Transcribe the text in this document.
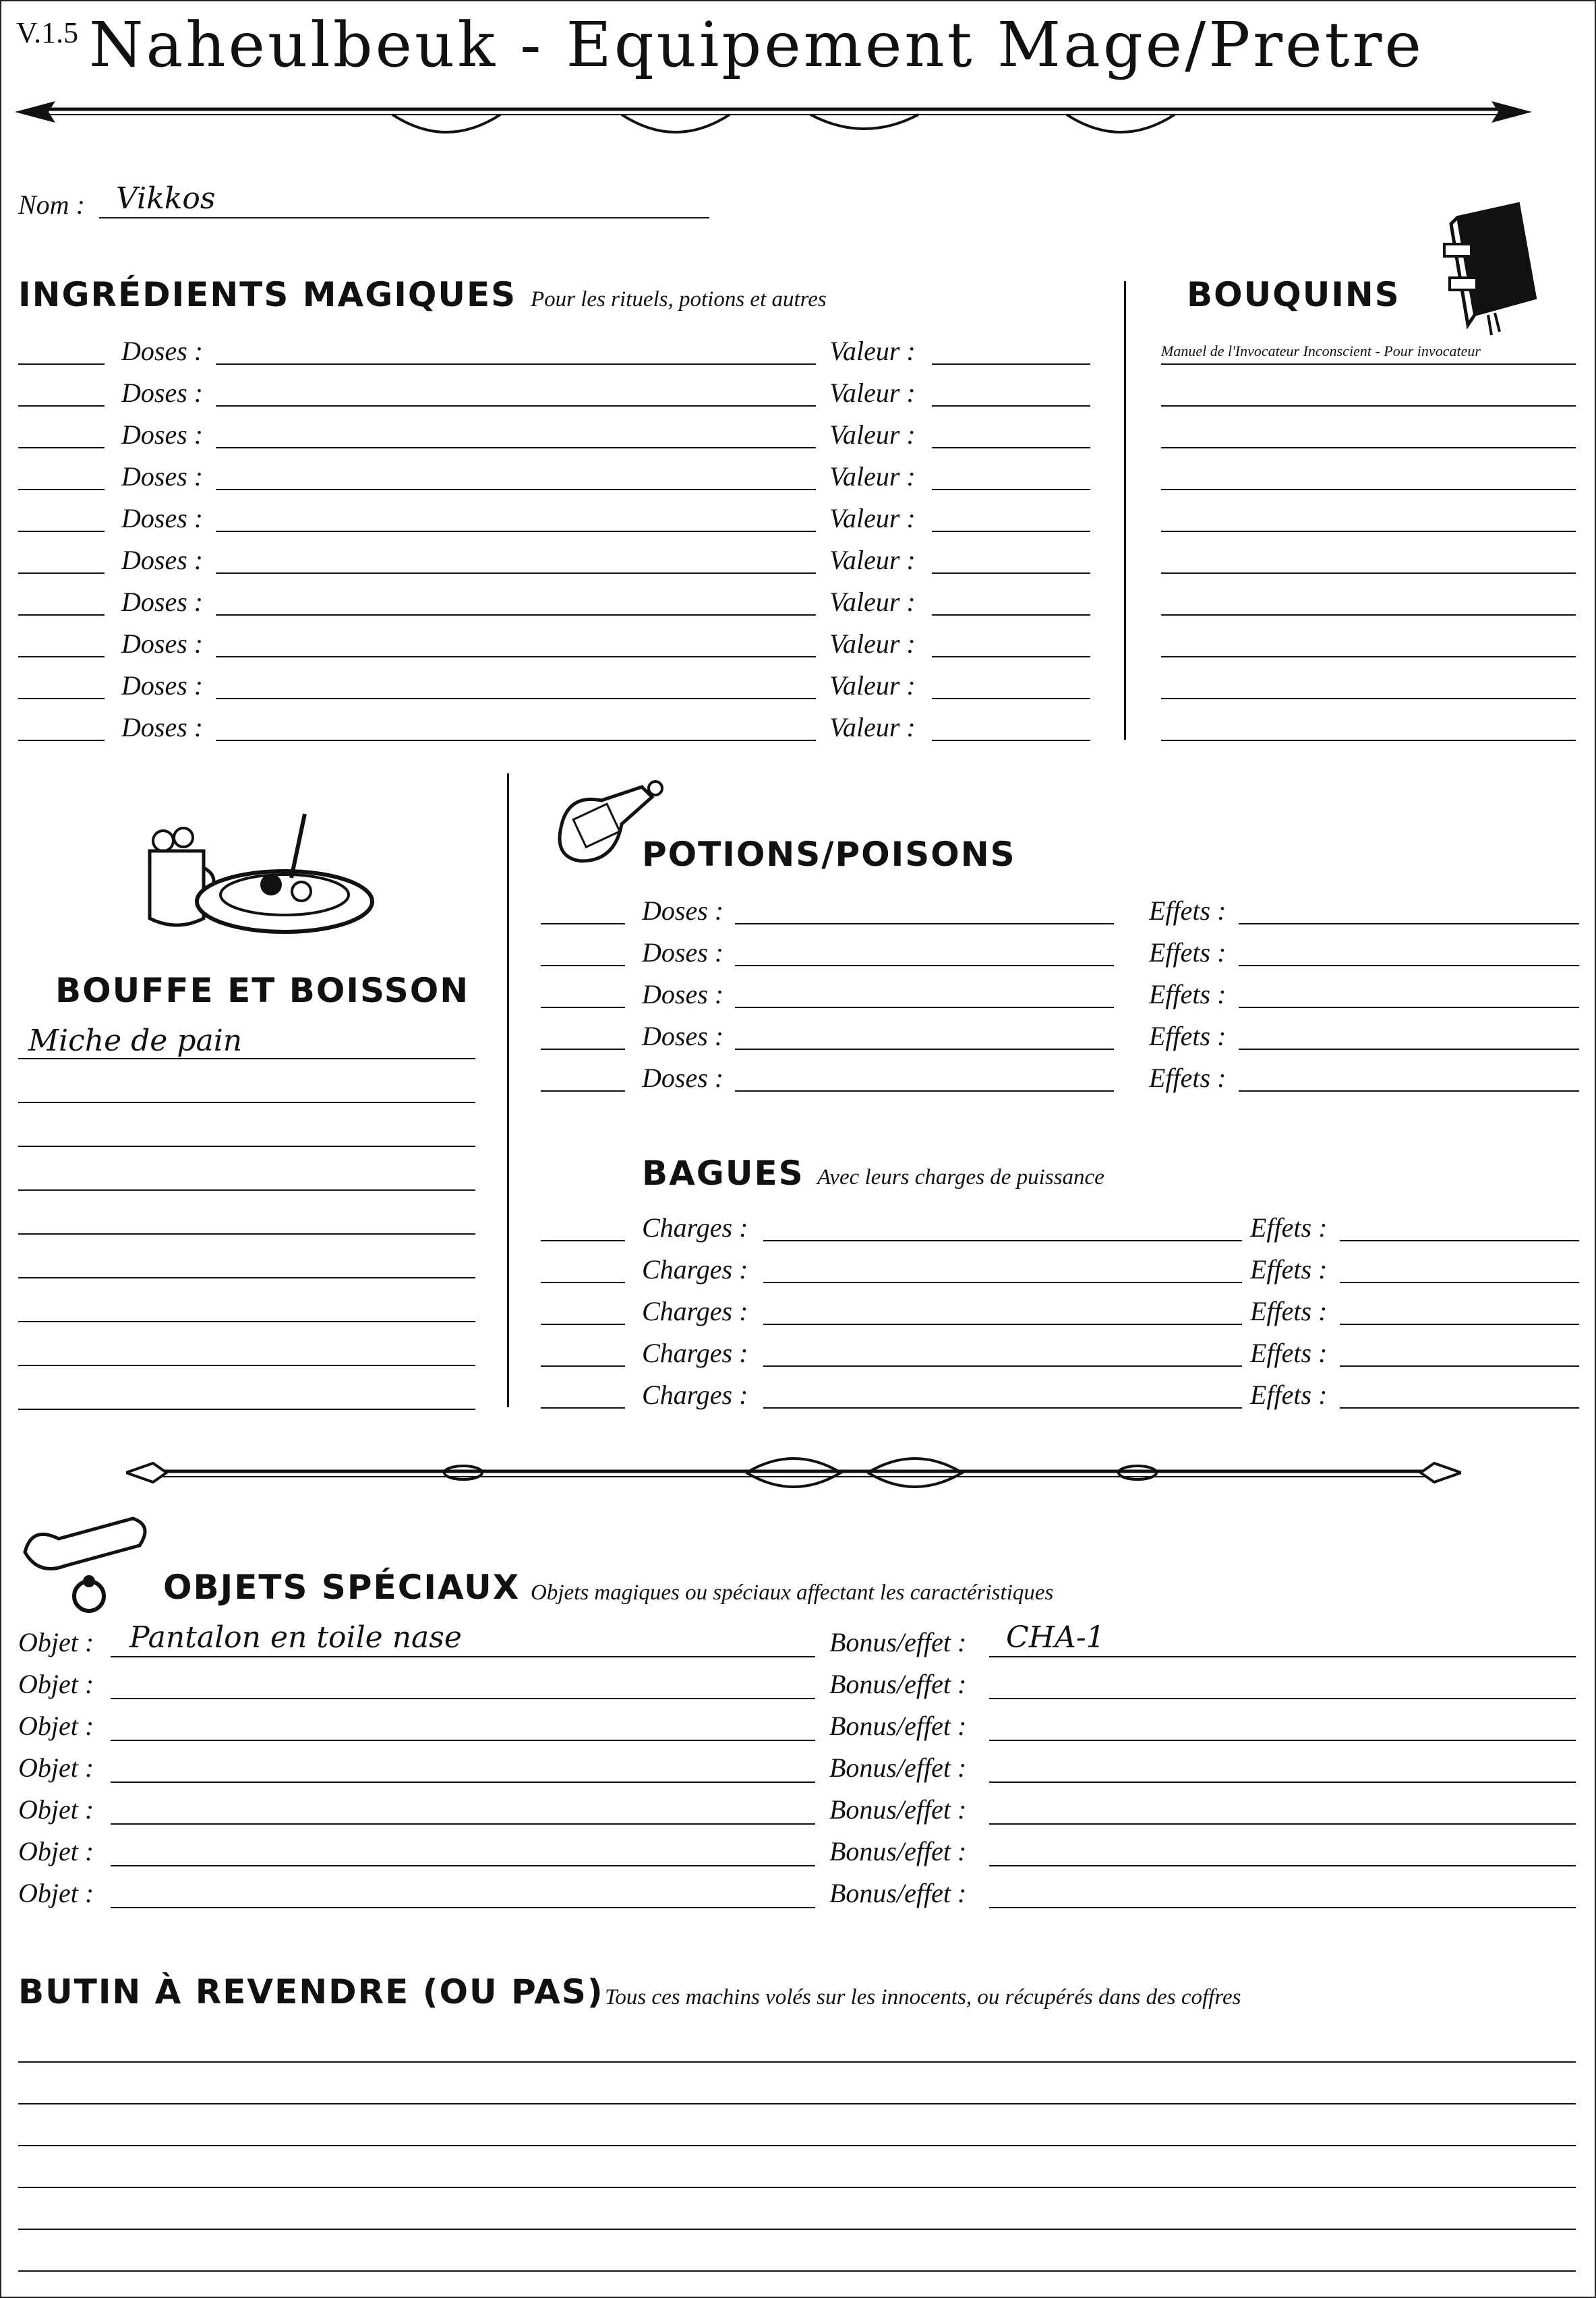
V.1.5 Naheulbeuk - Equipement Mage/Pretre
Nom : Vikkos
INGRÉDIENTS MAGIQUES Pour les rituels, potions et autres
Doses :	Valeur :
Doses :	Valeur :
Doses :	Valeur :
Doses :	Valeur :
Doses :	Valeur :
Doses :	Valeur :
Doses :	Valeur :
Doses :	Valeur :
Doses :	Valeur :
Doses :	Valeur :
BOUQUINS
Manuel de l'Invocateur Inconscient - Pour invocateur
BOUFFE ET BOISSON
Miche de pain
POTIONS/POISONS
Doses :	Effets :
Doses :	Effets :
Doses :	Effets :
Doses :	Effets :
Doses :	Effets :
BAGUES Avec leurs charges de puissance
Charges :	Effets :
Charges :	Effets :
Charges :	Effets :
Charges :	Effets :
Charges :	Effets :
OBJETS SPÉCIAUX Objets magiques ou spéciaux affectant les caractéristiques
Objet : Pantalon en toile nase	Bonus/effet : CHA-1
Objet :	Bonus/effet :
Objet :	Bonus/effet :
Objet :	Bonus/effet :
Objet :	Bonus/effet :
Objet :	Bonus/effet :
Objet :	Bonus/effet :
BUTIN À REVENDRE (OU PAS) Tous ces machins volés sur les innocents, ou récupérés dans des coffres
